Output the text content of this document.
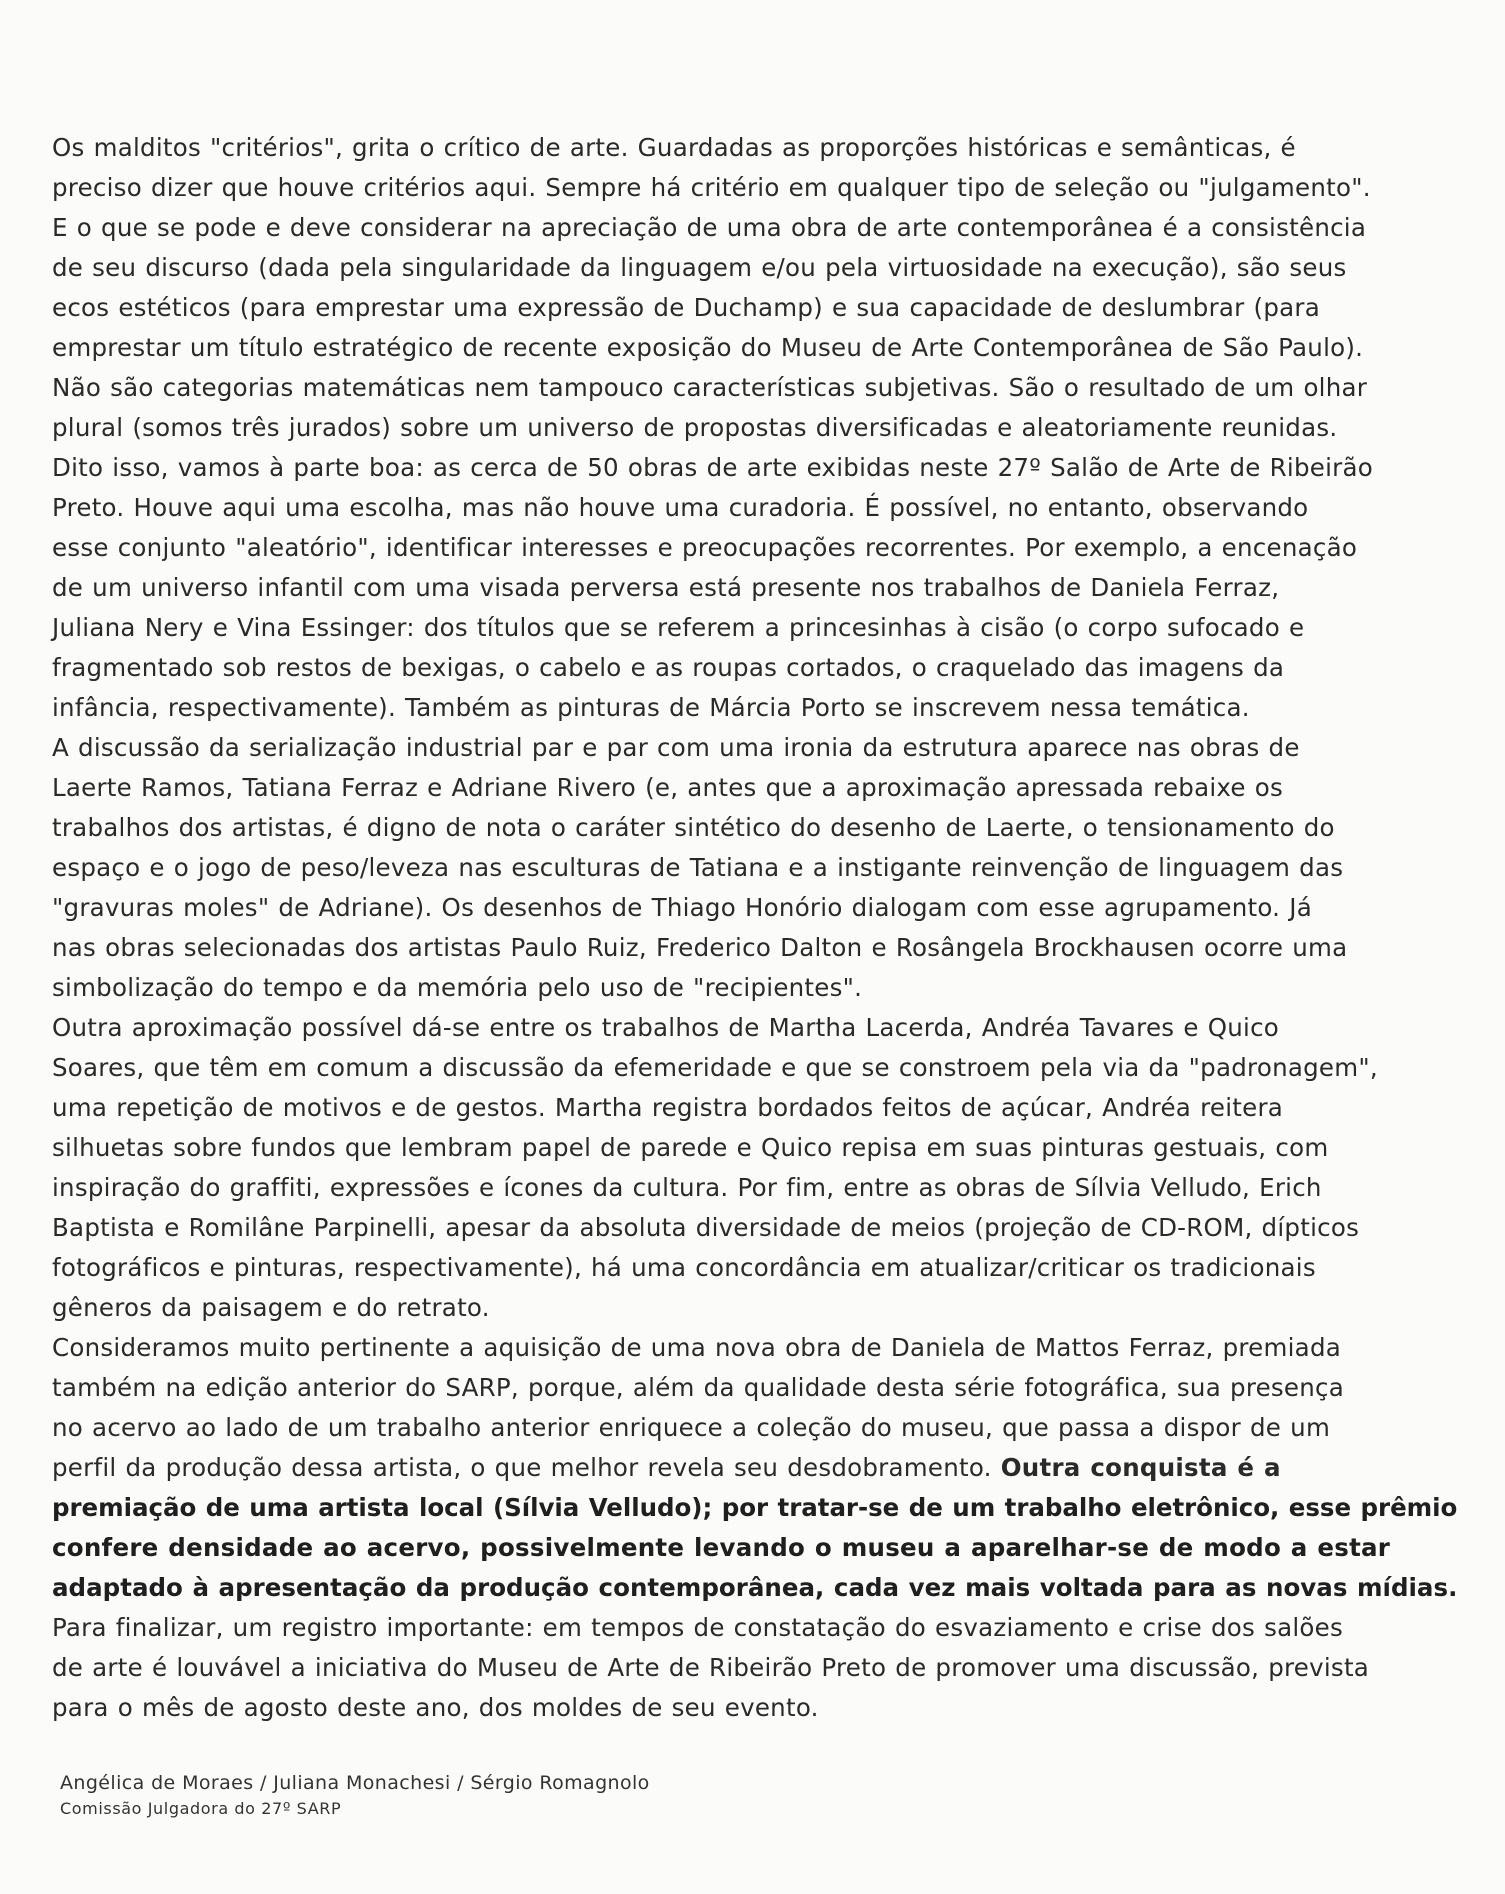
Os malditos "critérios", grita o crítico de arte. Guardadas as proporções históricas e semânticas, é
preciso dizer que houve critérios aqui. Sempre há critério em qualquer tipo de seleção ou "julgamento".
E o que se pode e deve considerar na apreciação de uma obra de arte contemporânea é a consistência
de seu discurso (dada pela singularidade da linguagem e/ou pela virtuosidade na execução), são seus
ecos estéticos (para emprestar uma expressão de Duchamp) e sua capacidade de deslumbrar (para
emprestar um título estratégico de recente exposição do Museu de Arte Contemporânea de São Paulo).
Não são categorias matemáticas nem tampouco características subjetivas. São o resultado de um olhar
plural (somos três jurados) sobre um universo de propostas diversificadas e aleatoriamente reunidas.
Dito isso, vamos à parte boa: as cerca de 50 obras de arte exibidas neste 27º Salão de Arte de Ribeirão
Preto. Houve aqui uma escolha, mas não houve uma curadoria. É possível, no entanto, observando
esse conjunto "aleatório", identificar interesses e preocupações recorrentes. Por exemplo, a encenação
de um universo infantil com uma visada perversa está presente nos trabalhos de Daniela Ferraz,
Juliana Nery e Vina Essinger: dos títulos que se referem a princesinhas à cisão (o corpo sufocado e
fragmentado sob restos de bexigas, o cabelo e as roupas cortados, o craquelado das imagens da
infância, respectivamente). Também as pinturas de Márcia Porto se inscrevem nessa temática.
A discussão da serialização industrial par e par com uma ironia da estrutura aparece nas obras de
Laerte Ramos, Tatiana Ferraz e Adriane Rivero (e, antes que a aproximação apressada rebaixe os
trabalhos dos artistas, é digno de nota o caráter sintético do desenho de Laerte, o tensionamento do
espaço e o jogo de peso/leveza nas esculturas de Tatiana e a instigante reinvenção de linguagem das
"gravuras moles" de Adriane). Os desenhos de Thiago Honório dialogam com esse agrupamento. Já
nas obras selecionadas dos artistas Paulo Ruiz, Frederico Dalton e Rosângela Brockhausen ocorre uma
simbolização do tempo e da memória pelo uso de "recipientes".
Outra aproximação possível dá-se entre os trabalhos de Martha Lacerda, Andréa Tavares e Quico
Soares, que têm em comum a discussão da efemeridade e que se constroem pela via da "padronagem",
uma repetição de motivos e de gestos. Martha registra bordados feitos de açúcar, Andréa reitera
silhuetas sobre fundos que lembram papel de parede e Quico repisa em suas pinturas gestuais, com
inspiração do graffiti, expressões e ícones da cultura. Por fim, entre as obras de Sílvia Velludo, Erich
Baptista e Romilâne Parpinelli, apesar da absoluta diversidade de meios (projeção de CD-ROM, dípticos
fotográficos e pinturas, respectivamente), há uma concordância em atualizar/criticar os tradicionais
gêneros da paisagem e do retrato.
Consideramos muito pertinente a aquisição de uma nova obra de Daniela de Mattos Ferraz, premiada
também na edição anterior do SARP, porque, além da qualidade desta série fotográfica, sua presença
no acervo ao lado de um trabalho anterior enriquece a coleção do museu, que passa a dispor de um
perfil da produção dessa artista, o que melhor revela seu desdobramento. Outra conquista é a
premiação de uma artista local (Sílvia Velludo); por tratar-se de um trabalho eletrônico, esse prêmio
confere densidade ao acervo, possivelmente levando o museu a aparelhar-se de modo a estar
adaptado à apresentação da produção contemporânea, cada vez mais voltada para as novas mídias.
Para finalizar, um registro importante: em tempos de constatação do esvaziamento e crise dos salões
de arte é louvável a iniciativa do Museu de Arte de Ribeirão Preto de promover uma discussão, prevista
para o mês de agosto deste ano, dos moldes de seu evento.
Angélica de Moraes / Juliana Monachesi / Sérgio Romagnolo
Comissão Julgadora do 27º SARP
